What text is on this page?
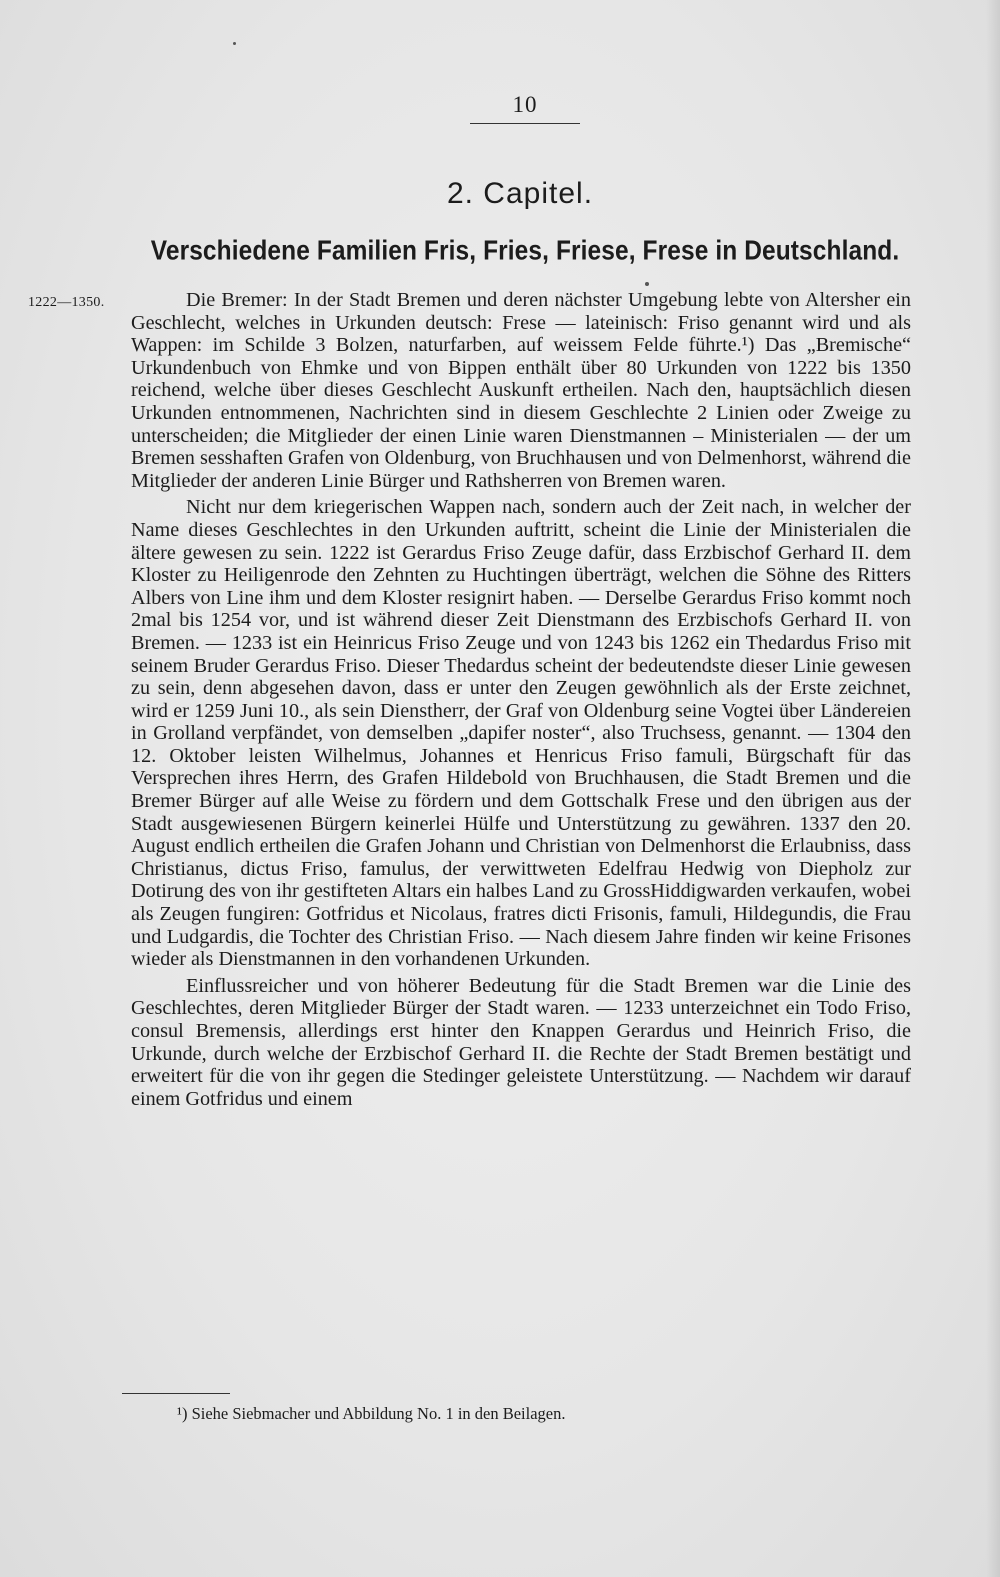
10
2. Capitel.
Verschiedene Familien Fris, Fries, Friese, Frese in Deutschland.
1222—1350.	Die Bremer: In der Stadt Bremen und deren nächster Umgebung lebte von Altersher ein Geschlecht, welches in Urkunden deutsch: Frese — lateinisch: Friso genannt wird und als Wappen: im Schilde 3 Bolzen, naturfarben, auf weissem Felde führte.¹) Das „Bremische“ Urkundenbuch von Ehmke und von Bippen enthält über 80 Urkunden von 1222 bis 1350 reichend, welche über dieses Geschlecht Auskunft ertheilen. Nach den, hauptsächlich diesen Urkunden entnommenen, Nachrichten sind in diesem Geschlechte 2 Linien oder Zweige zu unterscheiden; die Mitglieder der einen Linie waren Dienstmannen – Ministerialen — der um Bremen sesshaften Grafen von Oldenburg, von Bruchhausen und von Delmenhorst, während die Mitglieder der anderen Linie Bürger und Rathsherren von Bremen waren.

Nicht nur dem kriegerischen Wappen nach, sondern auch der Zeit nach, in welcher der Name dieses Geschlechtes in den Urkunden auftritt, scheint die Linie der Ministerialen die ältere gewesen zu sein. 1222 ist Gerardus Friso Zeuge dafür, dass Erzbischof Gerhard II. dem Kloster zu Heiligenrode den Zehnten zu Huchtingen überträgt, welchen die Söhne des Ritters Albers von Line ihm und dem Kloster resignirt haben. — Derselbe Gerardus Friso kommt noch 2mal bis 1254 vor, und ist während dieser Zeit Dienstmann des Erzbischofs Gerhard II. von Bremen. — 1233 ist ein Heinricus Friso Zeuge und von 1243 bis 1262 ein Thedardus Friso mit seinem Bruder Gerardus Friso. Dieser Thedardus scheint der bedeutendste dieser Linie gewesen zu sein, denn abgesehen davon, dass er unter den Zeugen gewöhnlich als der Erste zeichnet, wird er 1259 Juni 10., als sein Dienstherr, der Graf von Oldenburg seine Vogtei über Ländereien in Grolland verpfändet, von demselben „dapifer noster“, also Truchsess, genannt. — 1304 den 12. Oktober leisten Wilhelmus, Johannes et Henricus Friso famuli, Bürgschaft für das Versprechen ihres Herrn, des Grafen Hildebold von Bruchhausen, die Stadt Bremen und die Bremer Bürger auf alle Weise zu fördern und dem Gottschalk Frese und den übrigen aus der Stadt ausgewiesenen Bürgern keinerlei Hülfe und Unterstützung zu gewähren. 1337 den 20. August endlich ertheilen die Grafen Johann und Christian von Delmenhorst die Erlaubniss, dass Christianus, dictus Friso, famulus, der verwittweten Edelfrau Hedwig von Diepholz zur Dotirung des von ihr gestifteten Altars ein halbes Land zu GrossHiddigwarden verkaufen, wobei als Zeugen fungiren: Gotfridus et Nicolaus, fratres dicti Frisonis, famuli, Hildegundis, die Frau und Ludgardis, die Tochter des Christian Friso. — Nach diesem Jahre finden wir keine Frisones wieder als Dienstmannen in den vorhandenen Urkunden.

Einflussreicher und von höherer Bedeutung für die Stadt Bremen war die Linie des Geschlechtes, deren Mitglieder Bürger der Stadt waren. — 1233 unterzeichnet ein Todo Friso, consul Bremensis, allerdings erst hinter den Knappen Gerardus und Heinrich Friso, die Urkunde, durch welche der Erzbischof Gerhard II. die Rechte der Stadt Bremen bestätigt und erweitert für die von ihr gegen die Stedinger geleistete Unterstützung. — Nachdem wir darauf einem Gotfridus und einem

¹) Siehe Siebmacher und Abbildung No. 1 in den Beilagen.
